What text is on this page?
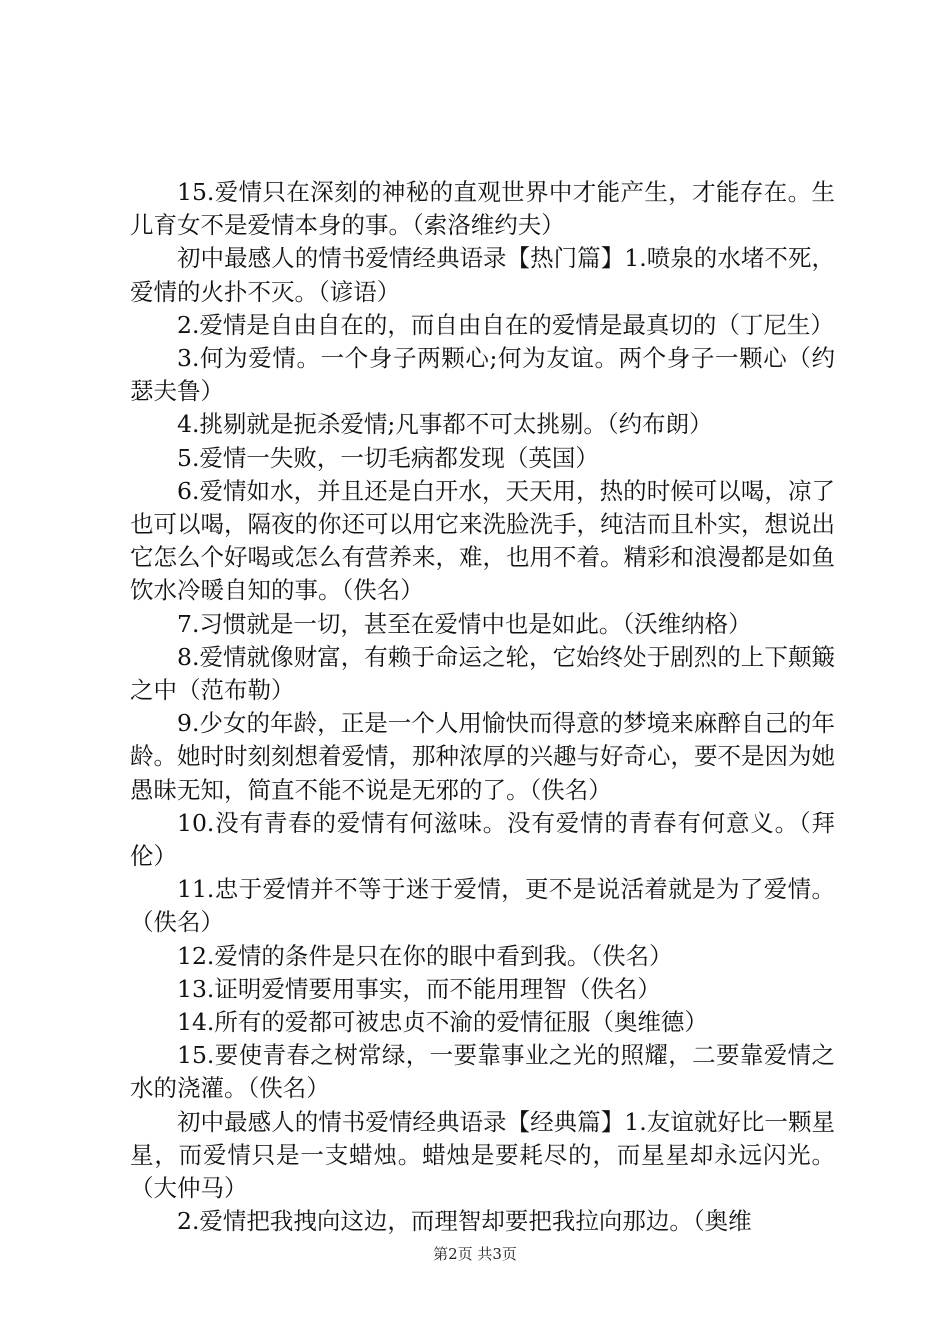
15.爱情只在深刻的神秘的直观世界中才能产生，才能存在。生儿育女不是爱情本身的事。（索洛维约夫）

初中最感人的情书爱情经典语录【热门篇】1.喷泉的水堵不死，爱情的火扑不灭。（谚语）

2.爱情是自由自在的，而自由自在的爱情是最真切的（丁尼生）

3.何为爱情。一个身子两颗心;何为友谊。两个身子一颗心（约瑟夫鲁）

4.挑剔就是扼杀爱情;凡事都不可太挑剔。（约布朗）

5.爱情一失败，一切毛病都发现（英国）

6.爱情如水，并且还是白开水，天天用，热的时候可以喝，凉了也可以喝，隔夜的你还可以用它来洗脸洗手，纯洁而且朴实，想说出它怎么个好喝或怎么有营养来，难，也用不着。精彩和浪漫都是如鱼饮水冷暖自知的事。（佚名）

7.习惯就是一切，甚至在爱情中也是如此。（沃维纳格）

8.爱情就像财富，有赖于命运之轮，它始终处于剧烈的上下颠簸之中（范布勒）

9.少女的年龄，正是一个人用愉快而得意的梦境来麻醉自己的年龄。她时时刻刻想着爱情，那种浓厚的兴趣与好奇心，要不是因为她愚昧无知，简直不能不说是无邪的了。（佚名）

10.没有青春的爱情有何滋味。没有爱情的青春有何意义。（拜伦）

11.忠于爱情并不等于迷于爱情，更不是说活着就是为了爱情。（佚名）

12.爱情的条件是只在你的眼中看到我。（佚名）

13.证明爱情要用事实，而不能用理智（佚名）

14.所有的爱都可被忠贞不渝的爱情征服（奥维德）

15.要使青春之树常绿，一要靠事业之光的照耀，二要靠爱情之水的浇灌。（佚名）

初中最感人的情书爱情经典语录【经典篇】1.友谊就好比一颗星星，而爱情只是一支蜡烛。蜡烛是要耗尽的，而星星却永远闪光。（大仲马）

2.爱情把我拽向这边，而理智却要把我拉向那边。（奥维

第2页 共3页
